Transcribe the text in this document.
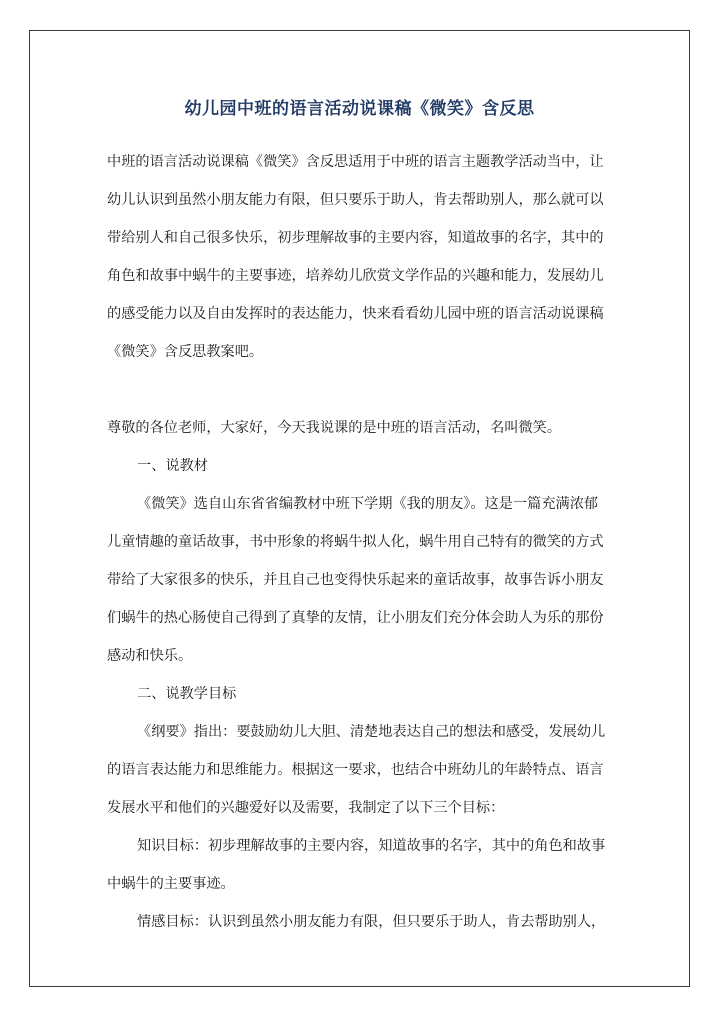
幼儿园中班的语言活动说课稿《微笑》含反思
中班的语言活动说课稿《微笑》含反思适用于中班的语言主题教学活动当中，让
幼儿认识到虽然小朋友能力有限，但只要乐于助人，肯去帮助别人，那么就可以
带给别人和自己很多快乐，初步理解故事的主要内容，知道故事的名字，其中的
角色和故事中蜗牛的主要事迹，培养幼儿欣赏文学作品的兴趣和能力，发展幼儿
的感受能力以及自由发挥时的表达能力，快来看看幼儿园中班的语言活动说课稿
《微笑》含反思教案吧。
尊敬的各位老师，大家好，今天我说课的是中班的语言活动，名叫微笑。
一、说教材
《微笑》选自山东省省编教材中班下学期《我的朋友》。这是一篇充满浓郁
儿童情趣的童话故事，书中形象的将蜗牛拟人化，蜗牛用自己特有的微笑的方式
带给了大家很多的快乐，并且自己也变得快乐起来的童话故事，故事告诉小朋友
们蜗牛的热心肠使自己得到了真挚的友情，让小朋友们充分体会助人为乐的那份
感动和快乐。
二、说教学目标
《纲要》指出：要鼓励幼儿大胆、清楚地表达自己的想法和感受，发展幼儿
的语言表达能力和思维能力。根据这一要求，也结合中班幼儿的年龄特点、语言
发展水平和他们的兴趣爱好以及需要，我制定了以下三个目标：
知识目标：初步理解故事的主要内容，知道故事的名字，其中的角色和故事
中蜗牛的主要事迹。
情感目标：认识到虽然小朋友能力有限，但只要乐于助人，肯去帮助别人，
